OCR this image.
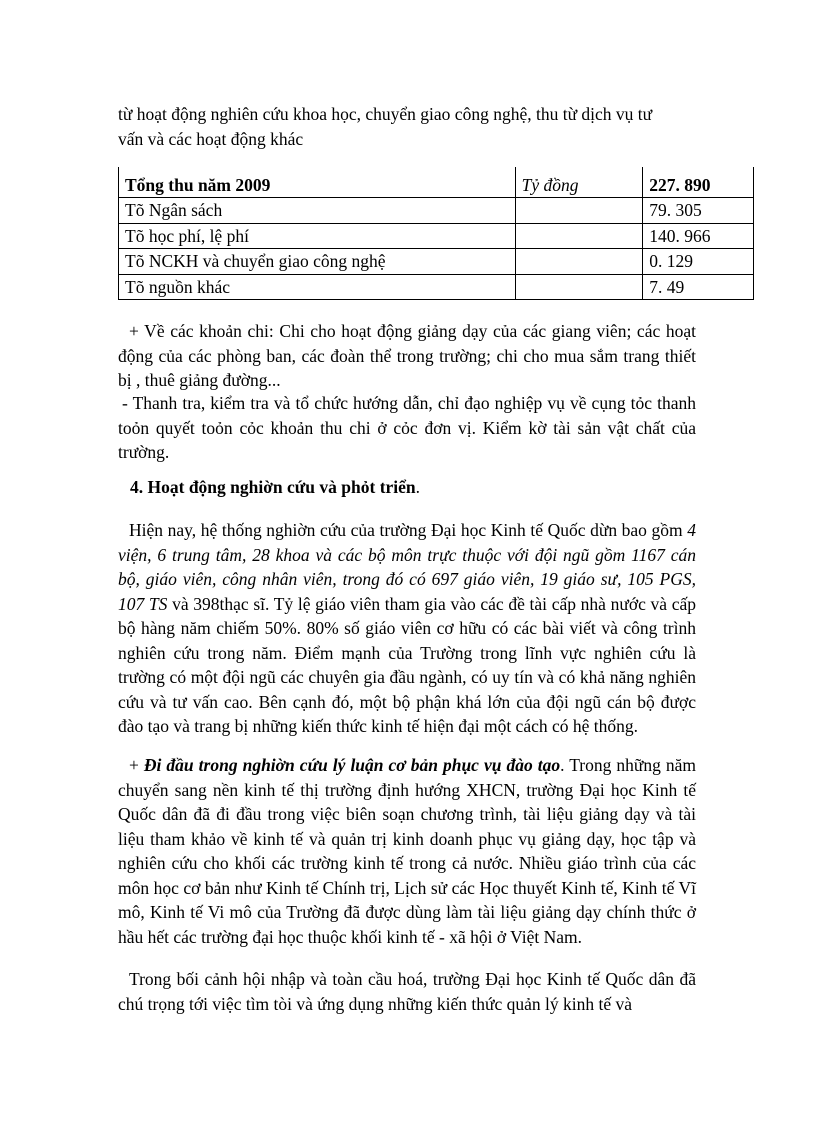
từ hoạt động nghiên cứu khoa học, chuyển giao công nghệ, thu từ dịch vụ tư
vấn và các hoạt động khác

Tổng thu năm 2009	Tỷ đồng	227. 890
Tõ Ngân sách		79. 305
Tõ học phí, lệ phí		140. 966
Tõ NCKH và chuyển giao công nghệ		0. 129
Tõ nguồn khác		7. 49

+ Về các khoản chi: Chi cho hoạt động giảng dạy của các giang viên; các hoạt động của các phòng ban, các đoàn thể trong trường; chi cho mua sắm trang thiết bị , thuê giảng đường...

- Thanh tra, kiểm tra và tổ chức hướng dẫn, chỉ đạo nghiệp vụ về cụng tỏc thanh toỏn quyết toỏn cỏc khoản thu chi ở cỏc đơn vị. Kiểm kờ tài sản vật chất của trường.

4. Hoạt động nghiờn cứu và phỏt triển.

Hiện nay, hệ thống nghiờn cứu của trường Đại học Kinh tế Quốc dừn bao gồm 4 viện, 6 trung tâm, 28 khoa và các bộ môn trực thuộc với đội ngũ gồm 1167 cán bộ, giáo viên, công nhân viên, trong đó có 697 giáo viên, 19 giáo sư, 105 PGS, 107 TS và 398thạc sĩ. Tỷ lệ giáo viên tham gia vào các đề tài cấp nhà nước và cấp bộ hàng năm chiếm 50%. 80% số giáo viên cơ hữu có các bài viết và công trình nghiên cứu trong năm. Điểm mạnh của Trường trong lĩnh vực nghiên cứu là trường có một đội ngũ các chuyên gia đầu ngành, có uy tín và có khả năng nghiên cứu và tư vấn cao. Bên cạnh đó, một bộ phận khá lớn của đội ngũ cán bộ được đào tạo và trang bị những kiến thức kinh tế hiện đại một cách có hệ thống.

+ Đi đầu trong nghiờn cứu lý luận cơ bản phục vụ đào tạo. Trong những năm chuyển sang nền kinh tế thị trường định hướng XHCN, trường Đại học Kinh tế Quốc dân đã đi đầu trong việc biên soạn chương trình, tài liệu giảng dạy và tài liệu tham khảo về kinh tế và quản trị kinh doanh phục vụ giảng dạy, học tập và nghiên cứu cho khối các trường kinh tế trong cả nước. Nhiều giáo trình của các môn học cơ bản như Kinh tế Chính trị, Lịch sử các Học thuyết Kinh tế, Kinh tế Vĩ mô, Kinh tế Vi mô của Trường đã được dùng làm tài liệu giảng dạy chính thức ở hầu hết các trường đại học thuộc khối kinh tế - xã hội ở Việt Nam.

Trong bối cảnh hội nhập và toàn cầu hoá, trường Đại học Kinh tế Quốc dân đã chú trọng tới việc tìm tòi và ứng dụng những kiến thức quản lý kinh tế và
